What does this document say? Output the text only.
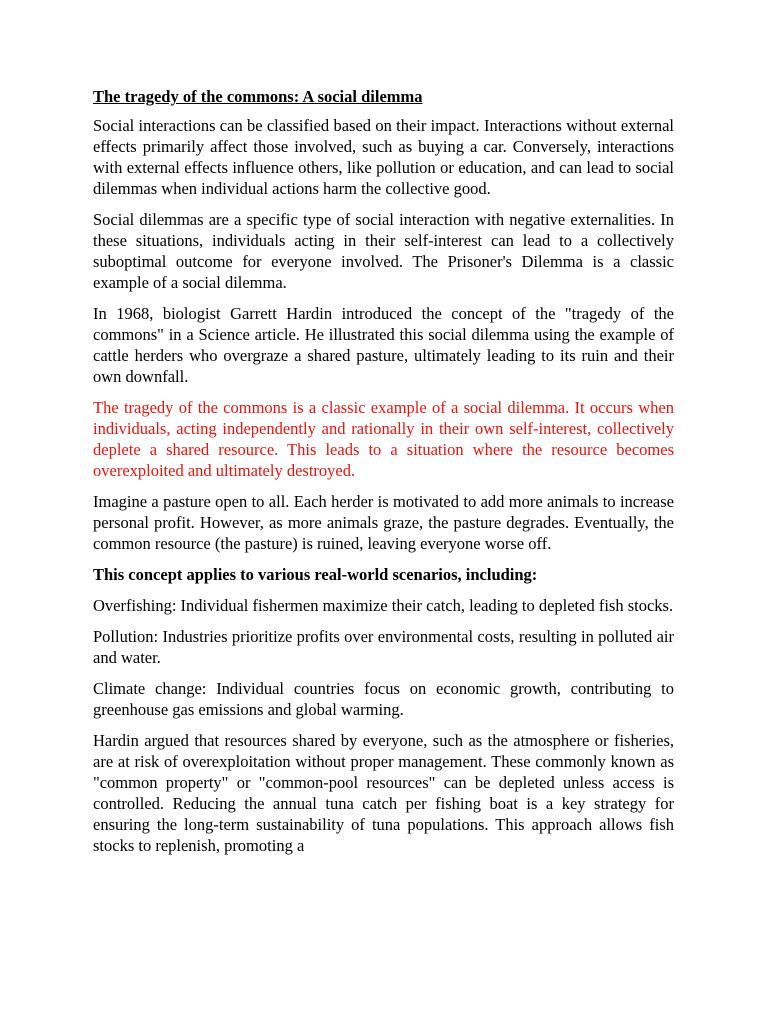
The tragedy of the commons: A social dilemma

Social interactions can be classified based on their impact. Interactions without external effects primarily affect those involved, such as buying a car. Conversely, interactions with external effects influence others, like pollution or education, and can lead to social dilemmas when individual actions harm the collective good.

Social dilemmas are a specific type of social interaction with negative externalities. In these situations, individuals acting in their self-interest can lead to a collectively suboptimal outcome for everyone involved. The Prisoner's Dilemma is a classic example of a social dilemma.

In 1968, biologist Garrett Hardin introduced the concept of the "tragedy of the commons" in a Science article. He illustrated this social dilemma using the example of cattle herders who overgraze a shared pasture, ultimately leading to its ruin and their own downfall.

The tragedy of the commons is a classic example of a social dilemma. It occurs when individuals, acting independently and rationally in their own self-interest, collectively deplete a shared resource. This leads to a situation where the resource becomes overexploited and ultimately destroyed.

Imagine a pasture open to all. Each herder is motivated to add more animals to increase personal profit. However, as more animals graze, the pasture degrades. Eventually, the common resource (the pasture) is ruined, leaving everyone worse off.

This concept applies to various real-world scenarios, including:

Overfishing: Individual fishermen maximize their catch, leading to depleted fish stocks.

Pollution: Industries prioritize profits over environmental costs, resulting in polluted air and water.

Climate change: Individual countries focus on economic growth, contributing to greenhouse gas emissions and global warming.

Hardin argued that resources shared by everyone, such as the atmosphere or fisheries, are at risk of overexploitation without proper management. These commonly known as "common property" or "common-pool resources" can be depleted unless access is controlled. Reducing the annual tuna catch per fishing boat is a key strategy for ensuring the long-term sustainability of tuna populations. This approach allows fish stocks to replenish, promoting a
